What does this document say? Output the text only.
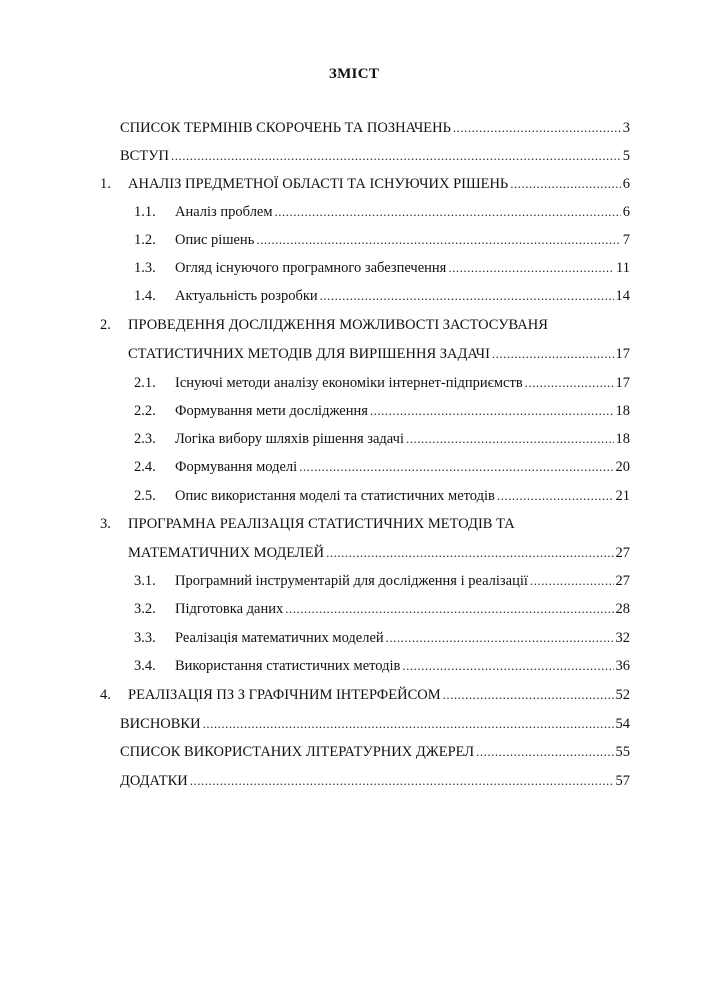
ЗМІСТ
СПИСОК ТЕРМІНІВ СКОРОЧЕНЬ ТА ПОЗНАЧЕНЬ .....	3
ВСТУП .....	5
1. АНАЛІЗ ПРЕДМЕТНОЇ ОБЛАСТІ ТА ІСНУЮЧИХ РІШЕНЬ .....	6
1.1. Аналіз проблем .....	6
1.2. Опис рішень .....	7
1.3. Огляд існуючого програмного забезпечення .....	11
1.4. Актуальність розробки .....	14
2. ПРОВЕДЕННЯ ДОСЛІДЖЕННЯ МОЖЛИВОСТІ ЗАСТОСУВАНЯ
СТАТИСТИЧНИХ МЕТОДІВ ДЛЯ ВИРІШЕННЯ ЗАДАЧІ .....	17
2.1. Існуючі методи аналізу економіки інтернет-підприємств .....	17
2.2. Формування мети дослідження .....	18
2.3. Логіка вибору шляхів рішення задачі .....	18
2.4. Формування моделі .....	20
2.5. Опис використання моделі та статистичних методів .....	21
3. ПРОГРАМНА РЕАЛІЗАЦІЯ СТАТИСТИЧНИХ МЕТОДІВ ТА
МАТЕМАТИЧНИХ МОДЕЛЕЙ .....	27
3.1. Програмний інструментарій для дослідження і реалізації .....	27
3.2. Підготовка даних .....	28
3.3. Реалізація математичних моделей .....	32
3.4. Використання статистичних методів .....	36
4. РЕАЛІЗАЦІЯ ПЗ З ГРАФІЧНИМ ІНТЕРФЕЙСОМ .....	52
ВИСНОВКИ .....	54
СПИСОК ВИКОРИСТАНИХ ЛІТЕРАТУРНИХ ДЖЕРЕЛ .....	55
ДОДАТКИ .....	57
